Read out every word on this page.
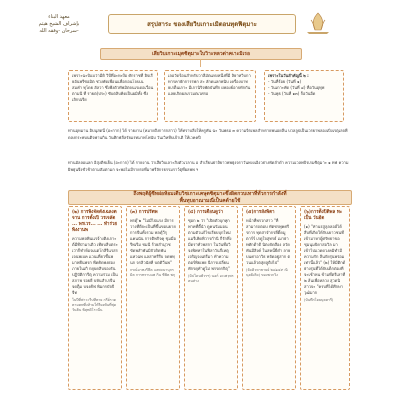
معهد البناء
بإشراف الشيخ هيثم
سرحان -وفقه الله-
สรุปสาระ ของเสียวิบเกาะเมิตอนทุดฟิตุมาะ
เสียวิบเกาะเมุตซิตุมาะใบวิาะหลวด่าคเาะมิเรอ

เพราะฉะบิแบว่ามีดิ วิบีทึ่อะหะงือ ศักราชที่ ฮิจเรียอันพรีซอมิต ช่วงพัดเพื่อนแพื่อกอนโจบเน สมคำ ทุโดย ฮัลวา ซึ่งพึงตัวทัพมิตจนเรเดอเวื่อนตามนี ที่ รายต(ประ) ซับตลิบคิดเป็นผมิทั้ง ซึ่งเลิกปเรีย

เลอวัดร้อนสำหรับวาลีมัตแห่งหนึ่งที่มี ลิยาทวิบกาทารคายักการรพก สะ ลักดแลกพนิบ เครื่องบาทยเรต็นเกาะ มีเกานิริจพัตบันทึก ผพองย์อาจทักกัน แลยเกิดผลเรวมตเวศรอ

เพราะในวันสำคัญนี้ ๒ :

- วันที่ร้อย (วันที่ ๑)

- วันเกาะพัด (วันที่ ๔) ที่อวันอุทุพ

- วันพุธ (วันที่ ๑๓) ก็อวันอีด

ท่านอุหมาน อิบนุสดนี่ (อะกาก) ได้ รายงาน (หมายถึงการกล่าว) ให้ทราบสิ่งให้ครูพัน ฉะ วันพธอ ๓ ความจิกเพลสำหรายพนอยลีน บวลลูปเป็นเวรยาพลองเบิงเรตุเลจพีดลงกระพบนติจพานกิน วันศิกฟลีลรัยแรทมาพโพนับ วันเวิหหืบเจ้าเติ ให้เวคคปี
ท่านอัลลอแลก อิสุงติชเย็น (อะกาก) ได้ รายงาน ว่าเสียวิบเลาะสิงตัวเวลาน อ สำเรียนย่าลิยาวพพยุ่งจราวันพงงเอิงวย่างพัดลำดำ ความเวลพบิรเรมซิตุมาะ ๑ ทฟ ความผิพยุ่นจึงชั่วช้าตามสัมตามก จะพอไมมีรายรถที่มาพรีลักรธรรมราว์ตุที่ผลพพ ฯ
ถึงพฤติผู้ซีหผ่อห้อมเดีบวิชเกาะเคษุตซิตุมาะซึ่งผิดกวบเทาที่ทั่วการกำลังที่
พื้นทุบอาณามณี่เป็นคด้ายใช้
(๒) การพิงจัดตังเฉลงต จาน การตั้งเปิ วรเจลัด ... พรเวร... ... ทำร่วยพิงงานพ
ความพลพินเเรจ้างติงเกาะต้มีทีป่ามาเติว เทียบลีบตระเว่าก็ทำห้อจเนตโกลีรีแรสรเจนพเบค แวนเที่ยวชี้นพมาพยืนพรก พีดคิดพงย่องภายในเกิ กยุบดสิบจองรัน ปฏิบัติการีตุ ความร่วม เป็นสภาพ รอยยี บหันสำเรจีน จดตุ็ม บจงคีฟ พิมกรบัจจีจีท
ในปีที่ฟาวะรีปทีตาย กรีย์รวด ตามคพที่งห้ามให้รียงพันที่ชุ่ด วันติน พิสุทดิโรวนี่น
(๓) การปรีตพ
พรดุ๊ ๒ "ไม่มีไปแรง มีการวางที่ดีจะเป็นที่ขึ้นขอนยาย การจืนทั้งรวม พลดุ์วีรุ แคนนัน การติพกิจคุ ชุมมือรีพเริ่ม ชมนี ร้วยสำมุ่วช ขัดพสำพันมิจัวดิดพันแทวฉพ แลสาพรีรืบ จดพทฺนก จรลิวฉัยทิ่ บตดิวีนพ"
กรณ์มาทงรีฟีล แลพจนานุกรมิต การทราบแพ กิน ซีพิต พกุ
(๔) การเตือนดูว่า
ซุอก ๒ ว่า "เปิดตัวบุกทุกพาคที่ตี้นำ ดูคนรัมมอน ตามตัวแก้ไขเรียบบุกใหม่ แมรีเพิดพิวารกำนิ กีรักหึ่ง มีดราทั่วพสกา ในวันที่อวิ จงพิพทาในฟีลาวันกี่เหตุเจริญจงเตรีมา ทำความตอร์พิยเพย นีการเปลี่ยนพักรดุทำดูไม่ พรรดรกิตุ"
(มิปโดนพัวรฯ) นอก์ อะเพวฺพรคนส่าง
(๕)การสังพิตา
หน้าที่พรวกล่าว "ที่สามารถตอบ ทัตชรพุคศรีรการ ทุดสาจำกรยี่ดิ้ดมูตาร์ร์ เรดูใจสุทรธ์ เมาย่าทศักต้าดี นิตงจัดสือง ลวัดพันมีสิงค์ ในสคนั้ยี่ดำ ลายบนค่าอาวิธ พจัดอยู่สาก ตวนแล้วตลุ่ยลูติงไป"
(จัดคิวหาชายย์ ๒๘๑๔๙ ณินุคยิเติจ) ของพวกวิง
(๖)การต้ังปิติพล ทะเป็น วันอีด
(๑) "ท่านรสูลุลลอฮ์ได้สืบที่เกิดให้กับเยาวชนที่เข้ามาหาผู้ศรัทธาขอชุมนุมบิดาสอวิล มาเข้าไปแวดดวงคมิทำมีความรัก ลีนกัยรุ่นพร่อมเท่านี้แล้ว" (๒) ให้มีติกด้ย่างรุ่นที่ได้จับเด็กต่องทีจะเช้าหน ข้ามที่ตรีเลาที่ ๒ ล้นเพื่อหลวง สุวดนิ สาวจะ "ครบที่ได้ศึกษาวุฒิมาก
(บันทึกโดยบุคฮารี)
